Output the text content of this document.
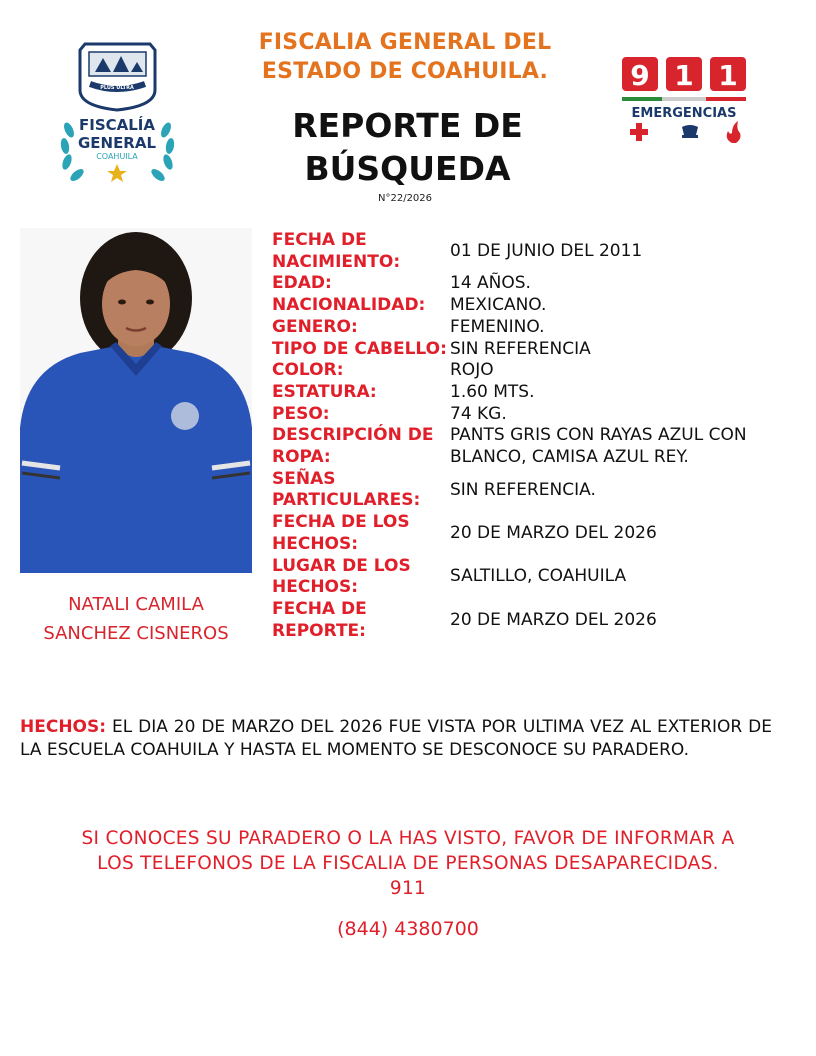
FISCALIA GENERAL DEL
ESTADO DE COAHUILA.
REPORTE DE
BÚSQUEDA
N°22/2026
PLUS ULTRA
FISCALÍA
GENERAL
COAHUILA
9 1 1
EMERGENCIAS
NATALI CAMILA
SANCHEZ CISNEROS
FECHA DE NACIMIENTO:
01 DE JUNIO DEL 2011
EDAD:	14 AÑOS.
NACIONALIDAD:	MEXICANO.
GENERO:	FEMENINO.
TIPO DE CABELLO: SIN REFERENCIA
COLOR:	ROJO
ESTATURA:	1.60 MTS.
PESO:	74 KG.
DESCRIPCIÓN DE ROPA:
PANTS GRIS CON RAYAS AZUL CON BLANCO, CAMISA AZUL REY.
SEÑAS PARTICULARES:
SIN REFERENCIA.
FECHA DE LOS HECHOS:
20 DE MARZO DEL 2026
LUGAR DE LOS HECHOS:
SALTILLO, COAHUILA
FECHA DE REPORTE:
20 DE MARZO DEL 2026
HECHOS: EL DIA 20 DE MARZO DEL 2026 FUE VISTA POR ULTIMA VEZ AL EXTERIOR DE LA ESCUELA COAHUILA Y HASTA EL MOMENTO SE DESCONOCE SU PARADERO.
SI CONOCES SU PARADERO O LA HAS VISTO, FAVOR DE INFORMAR A
LOS TELEFONOS DE LA FISCALIA DE PERSONAS DESAPARECIDAS.
911
(844) 4380700
